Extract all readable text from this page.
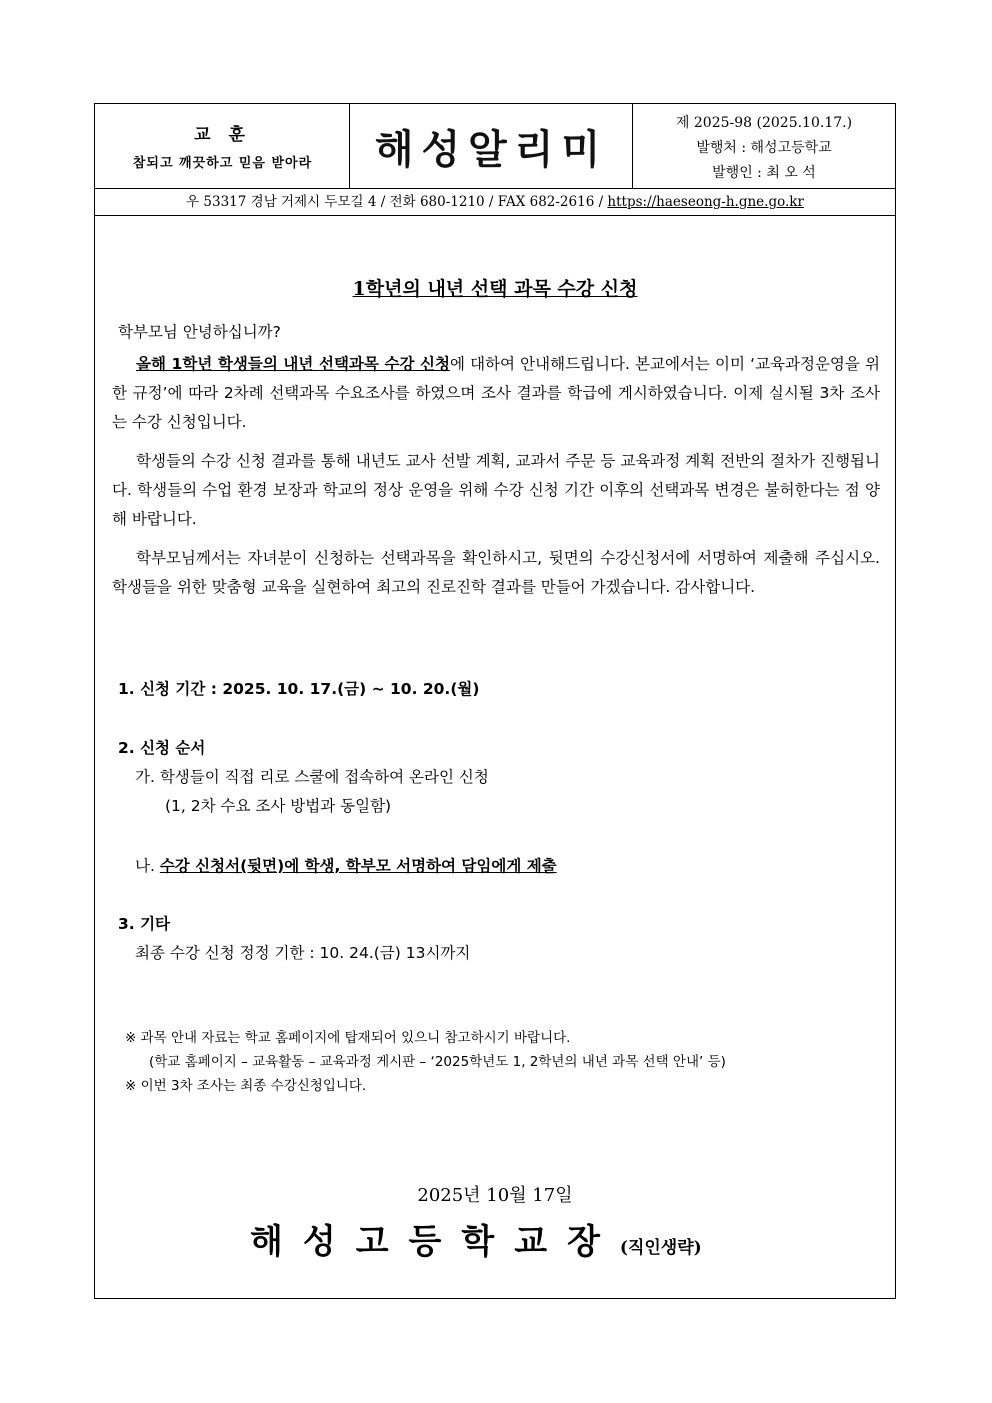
교 훈
참되고 깨끗하고 믿음 받아라	해성알리미
제 2025-98 (2025.10.17.)
발행처 : 해성고등학교
발행인 : 최 오 석
우 53317 경남 거제시 두모길 4 / 전화 680-1210 / FAX 682-2616 / https://haeseong-h.gne.go.kr
1학년의 내년 선택 과목 수강 신청
학부모님 안녕하십니까?

올해 1학년 학생들의 내년 선택과목 수강 신청에 대하여 안내해드립니다. 본교에서는 이미 ‘교육과정운영을 위한 규정’에 따라 2차례 선택과목 수요조사를 하였으며 조사 결과를 학급에 게시하였습니다. 이제 실시될 3차 조사는 수강 신청입니다.

학생들의 수강 신청 결과를 통해 내년도 교사 선발 계획, 교과서 주문 등 교육과정 계획 전반의 절차가 진행됩니다. 학생들의 수업 환경 보장과 학교의 정상 운영을 위해 수강 신청 기간 이후의 선택과목 변경은 불허한다는 점 양해 바랍니다.

학부모님께서는 자녀분이 신청하는 선택과목을 확인하시고, 뒷면의 수강신청서에 서명하여 제출해 주십시오. 학생들을 위한 맞춤형 교육을 실현하여 최고의 진로진학 결과를 만들어 가겠습니다. 감사합니다.

1. 신청 기간 : 2025. 10. 17.(금) ~ 10. 20.(월)
2. 신청 순서
가. 학생들이 직접 리로 스쿨에 접속하여 온라인 신청
(1, 2차 수요 조사 방법과 동일함)
나. 수강 신청서(뒷면)에 학생, 학부모 서명하여 담임에게 제출
3. 기타
최종 수강 신청 정정 기한 : 10. 24.(금) 13시까지
※ 과목 안내 자료는 학교 홈페이지에 탑재되어 있으니 참고하시기 바랍니다.
(학교 홈페이지 – 교육활동 – 교육과정 게시판 – ‘2025학년도 1, 2학년의 내년 과목 선택 안내’ 등)
※ 이번 3차 조사는 최종 수강신청입니다.
2025년 10월 17일
해성고등학교장(직인생략)
